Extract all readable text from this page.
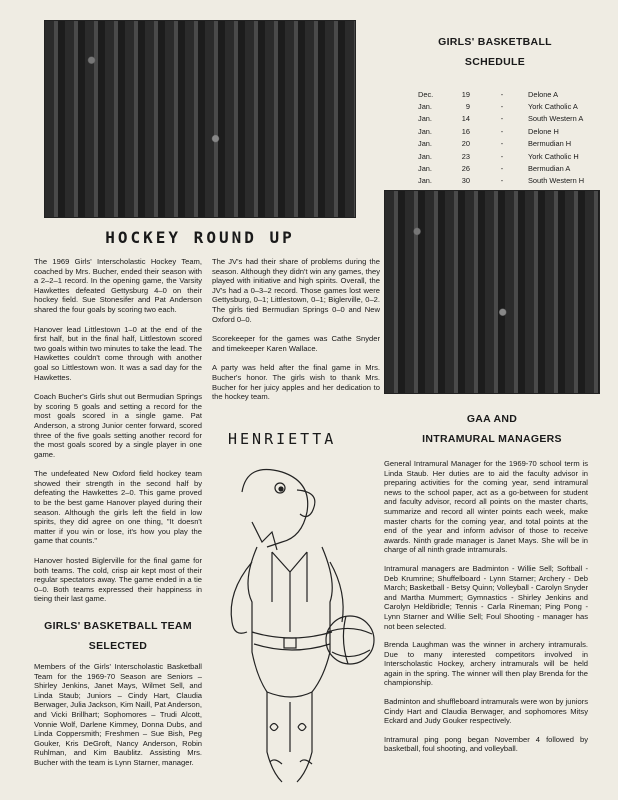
HOCKEY ROUND UP

The 1969 Girls' Interscholastic Hockey Team, coached by Mrs. Bucher, ended their season with a 2–2–1 record. In the opening game, the Varsity Hawkettes defeated Gettysburg 4–0 on their hockey field. Sue Stonesifer and Pat Anderson shared the four goals by scoring two each.

Hanover lead Littlestown 1–0 at the end of the first half, but in the final half, Littlestown scored two goals within two minutes to take the lead. The Hawkettes couldn't come through with another goal so Littlestown won. It was a sad day for the Hawkettes.

Coach Bucher's Girls shut out Bermudian Springs by scoring 5 goals and setting a record for the most goals scored in a single game. Pat Anderson, a strong Junior center forward, scored three of the five goals setting another record for the most goals scored by a single player in one game.

The undefeated New Oxford field hockey team showed their strength in the second half by defeating the Hawkettes 2–0. This game proved to be the best game Hanover played during their season. Although the girls left the field in low spirits, they did agree on one thing, "It doesn't matter if you win or lose, it's how you play the game that counts."

Hanover hosted Biglerville for the final game for both teams. The cold, crisp air kept most of their regular spectators away. The game ended in a tie 0–0. Both teams expressed their happiness in tieing their last game.

GIRLS' BASKETBALL TEAM
SELECTED

Members of the Girls' Interscholastic Basketball Team for the 1969-70 Season are Seniors – Shirley Jenkins, Janet Mays, Wilmet Sell, and Linda Staub; Juniors – Cindy Hart, Claudia Berwager, Julia Jackson, Kim Naill, Pat Anderson, and Vicki Brillhart; Sophomores – Trudi Alcott, Vonnie Wolf, Darlene Kimmey, Donna Dubs, and Linda Coppersmith; Freshmen – Sue Bish, Peg Gouker, Kris DeGroft, Nancy Anderson, Robin Ruhlman, and Kim Baublitz. Assisting Mrs. Bucher with the team is Lynn Starner, manager.

The JV's had their share of problems during the season. Although they didn't win any games, they played with initiative and high spirits. Overall, the JV's had a 0–3–2 record. Those games lost were Gettysburg, 0–1; Littlestown, 0–1; Biglerville, 0–2. The girls tied Bermudian Springs 0–0 and New Oxford 0–0.

Scorekeeper for the games was Cathe Snyder and timekeeper Karen Wallace.

A party was held after the final game in Mrs. Bucher's honor. The girls wish to thank Mrs. Bucher for her juicy apples and her dedication to the hockey team.

HENRIETTA
GIRLS' BASKETBALL
SCHEDULE
Dec.	19	-	Delone A
Jan.	9	-	York Catholic A
Jan.	14	-	South Western A
Jan.	16	-	Delone H
Jan.	20	-	Bermudian H
Jan.	23	-	York Catholic H
Jan.	26	-	Bermudian A
Jan.	30	-	South Western H
GAA AND
INTRAMURAL MANAGERS

General Intramural Manager for the 1969-70 school term is Linda Staub. Her duties are to aid the faculty advisor in preparing activities for the coming year, send intramural news to the school paper, act as a go-between for student and faculty advisor, record all points on the master charts, summarize and record all winter points each week, make master charts for the coming year, and total points at the end of the year and inform advisor of those to receive awards. Ninth grade manager is Janet Mays. She will be in charge of all ninth grade intramurals.

Intramural managers are Badminton - Willie Sell; Softball - Deb Krumrine; Shuffelboard - Lynn Starner; Archery - Deb March; Basketball - Betsy Quinn; Volleyball - Carolyn Snyder and Martha Mummert; Gymnastics - Shirley Jenkins and Carolyn Heldibridle; Tennis - Carla Rineman; Ping Pong - Lynn Starner and Willie Sell; Foul Shooting - manager has not been selected.

Brenda Laughman was the winner in archery intramurals. Due to many interested competitors involved in Interscholastic Hockey, archery intramurals will be held again in the spring. The winner will then play Brenda for the championship.

Badminton and shuffleboard intramurals were won by juniors Cindy Hart and Claudia Berwager, and sophomores Mitsy Eckard and Judy Gouker respectively.

Intramural ping pong began November 4 followed by basketball, foul shooting, and volleyball.
